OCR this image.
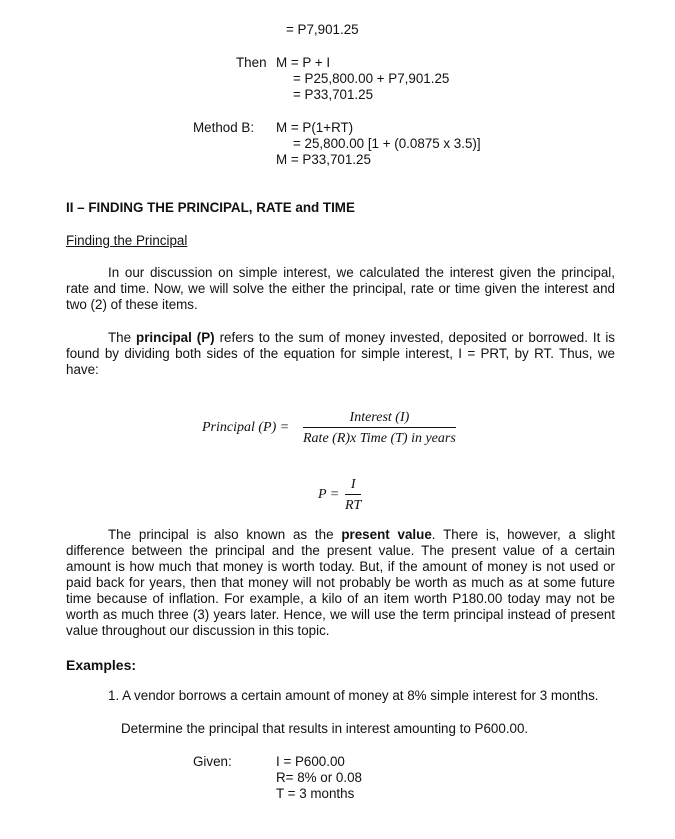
= P7,901.25
Then M = P + I
= P25,800.00 + P7,901.25
= P33,701.25
Method B: M = P(1+RT)
= 25,800.00 [1 + (0.0875 x 3.5)]
M = P33,701.25
II – FINDING THE PRINCIPAL, RATE and TIME
Finding the Principal
In our discussion on simple interest, we calculated the interest given the principal, rate and time. Now, we will solve the either the principal, rate or time given the interest and two (2) of these items.
The principal (P) refers to the sum of money invested, deposited or borrowed. It is found by dividing both sides of the equation for simple interest, I = PRT, by RT. Thus, we have:
Principal (P) =
Interest (I)
Rate (R)x Time (T) in years
P =
I
RT
The principal is also known as the present value. There is, however, a slight difference between the principal and the present value. The present value of a certain amount is how much that money is worth today. But, if the amount of money is not used or paid back for years, then that money will not probably be worth as much as at some future time because of inflation. For example, a kilo of an item worth P180.00 today may not be worth as much three (3) years later. Hence, we will use the term principal instead of present value throughout our discussion in this topic.
Examples:
1. A vendor borrows a certain amount of money at 8% simple interest for 3 months.
Determine the principal that results in interest amounting to P600.00.
Given:	I = P600.00
R= 8% or 0.08
T = 3 months
